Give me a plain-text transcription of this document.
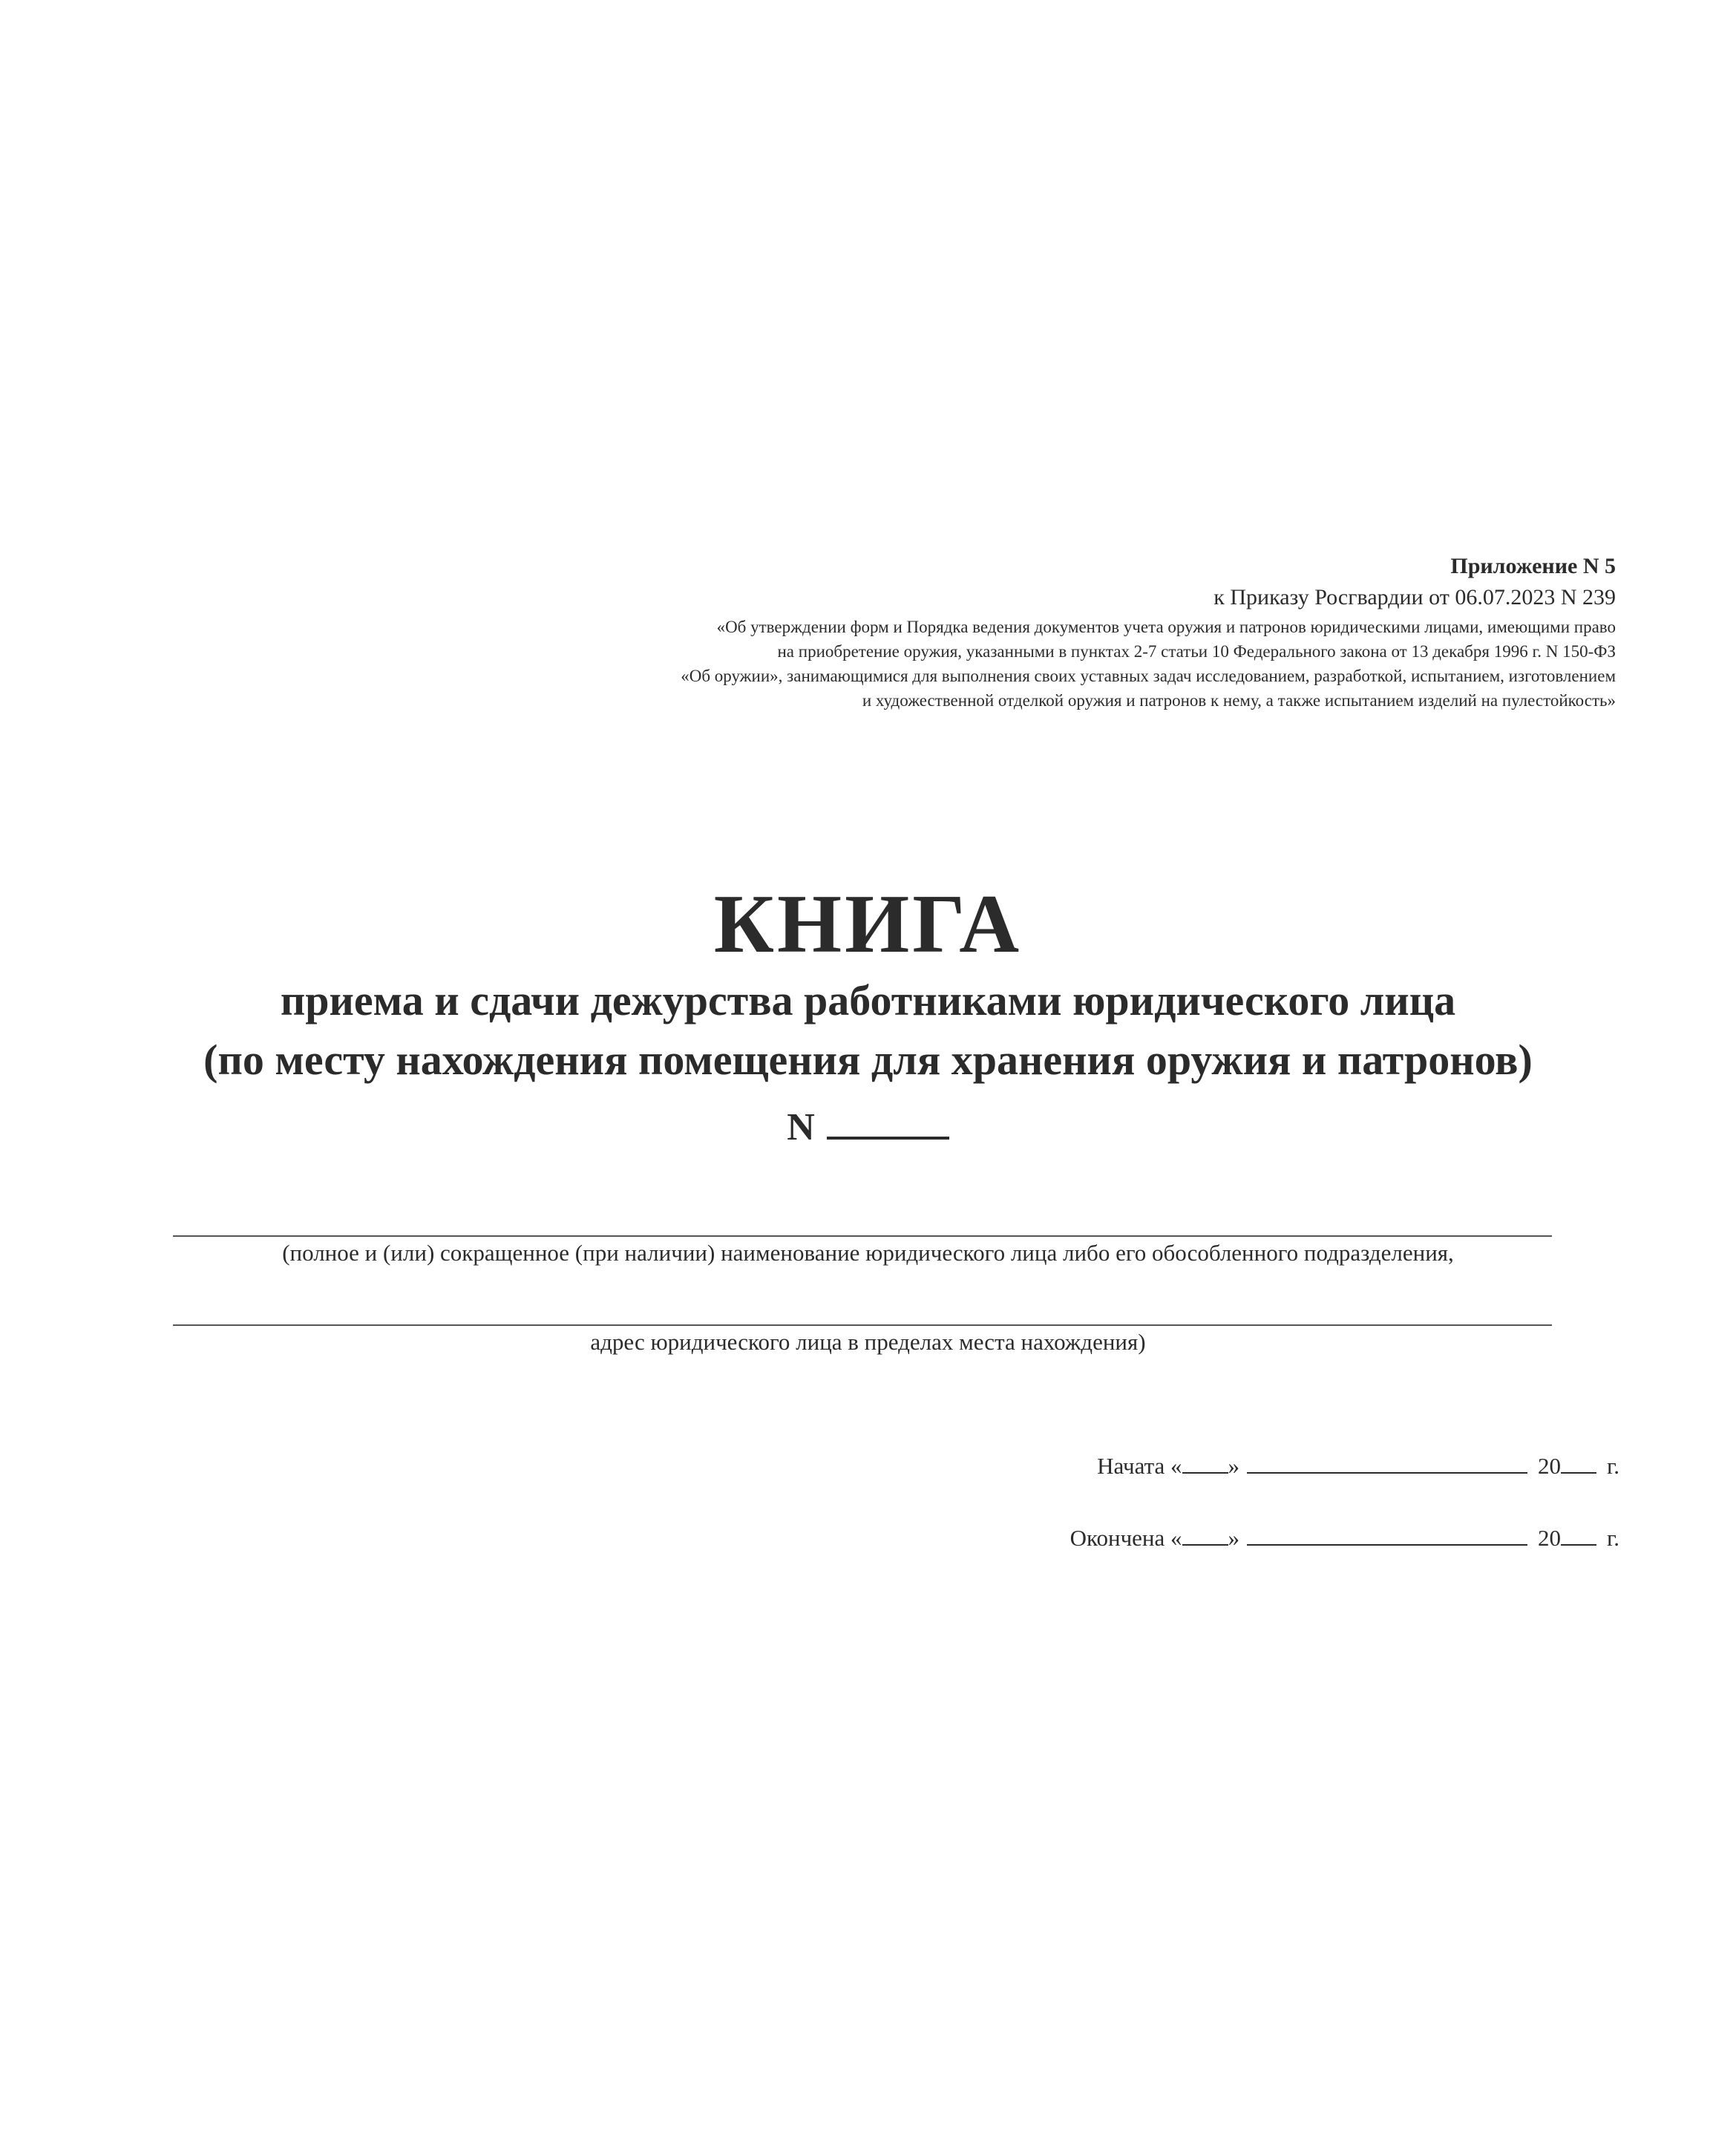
Приложение N 5

к Приказу Росгвардии от 06.07.2023 N 239

«Об утверждении форм и Порядка ведения документов учета оружия и патронов юридическими лицами, имеющими право
на приобретение оружия, указанными в пунктах 2-7 статьи 10 Федерального закона от 13 декабря 1996 г. N 150-ФЗ
«Об оружии», занимающимися для выполнения своих уставных задач исследованием, разработкой, испытанием, изготовлением
и художественной отделкой оружия и патронов к нему, а также испытанием изделий на пулестойкость»
КНИГА
приема и сдачи дежурства работниками юридического лица
(по месту нахождения помещения для хранения оружия и патронов)
N
(полное и (или) сокращенное (при наличии) наименование юридического лица либо его обособленного подразделения,
адрес юридического лица в пределах места нахождения)
Начата « »	20 г.
Окончена « »	20 г.
